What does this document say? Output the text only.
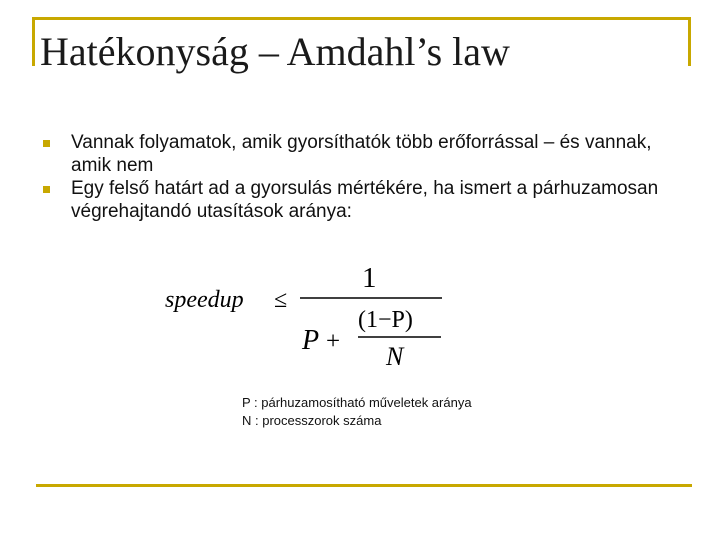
Hatékonyság – Amdahl’s law
Vannak folyamatok, amik gyorsíthatók több erőforrással – és vannak, amik nem
Egy felső határt ad a gyorsulás mértékére, ha ismert a párhuzamosan végrehajtandó utasítások aránya:
speedup ≤
1
P +
(1−P)
N
P : párhuzamosítható műveletek aránya
N : processzorok száma
